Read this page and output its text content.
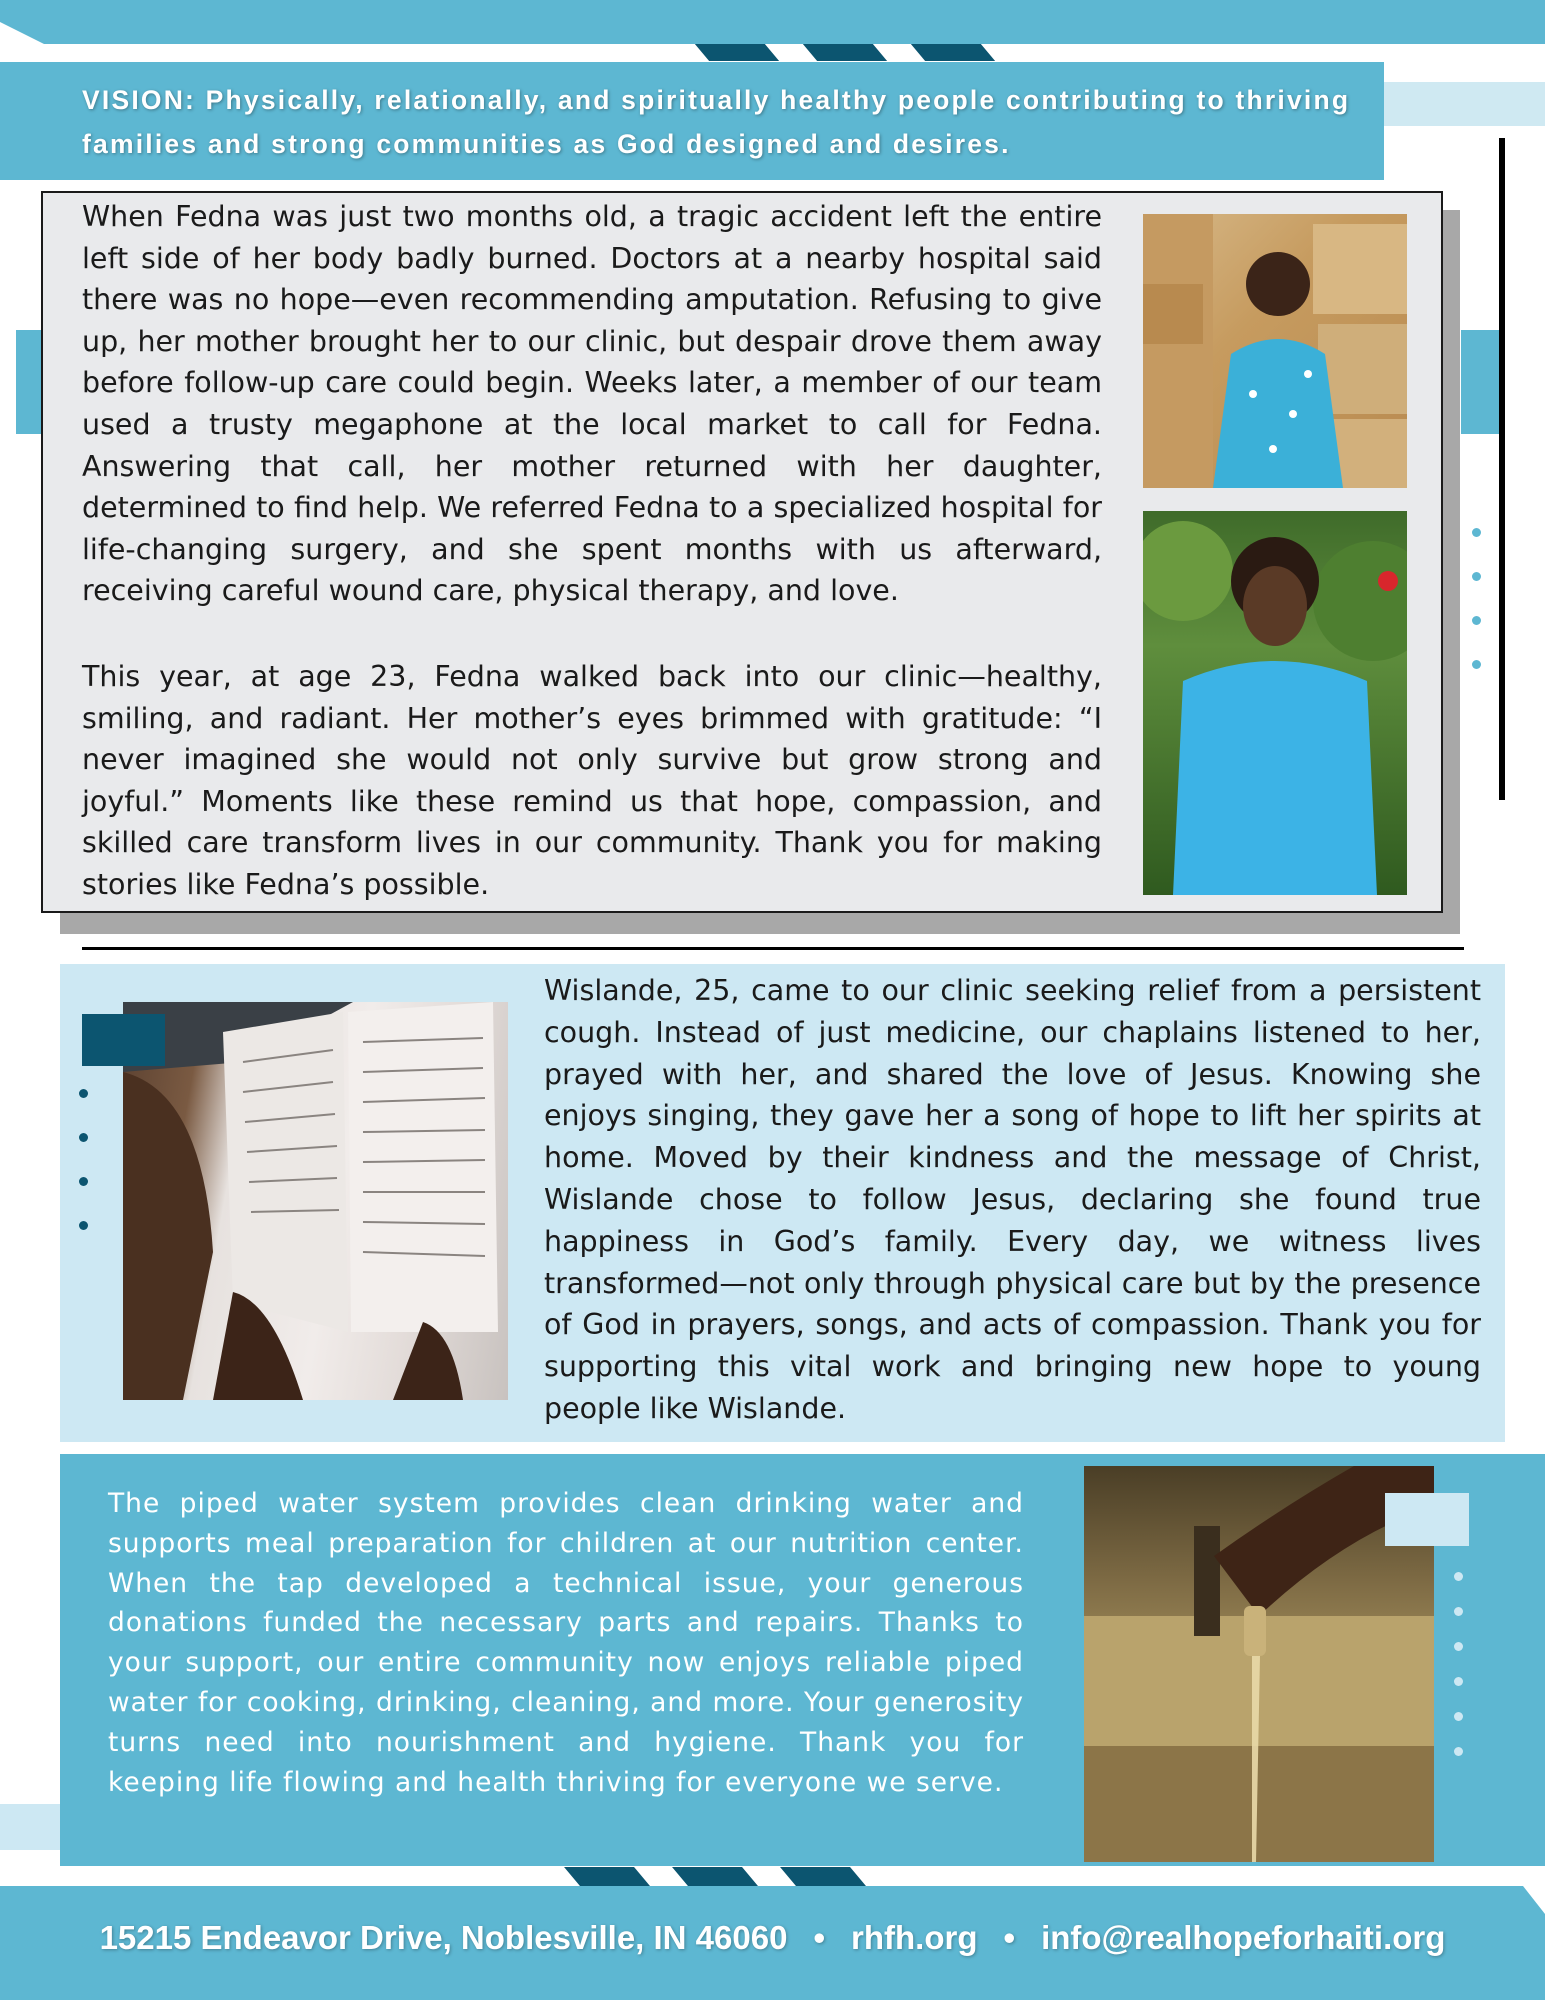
VISION: Physically, relationally, and spiritually healthy people contributing to thriving families and strong communities as God designed and desires.
When Fedna was just two months old, a tragic accident left the entire left side of her body badly burned. Doctors at a nearby hospital said there was no hope—even recommending amputation. Refusing to give up, her mother brought her to our clinic, but despair drove them away before follow-up care could begin. Weeks later, a member of our team used a trusty megaphone at the local market to call for Fedna. Answering that call, her mother returned with her daughter, determined to find help. We referred Fedna to a specialized hospital for life-changing surgery, and she spent months with us afterward, receiving careful wound care, physical therapy, and love.
This year, at age 23, Fedna walked back into our clinic—healthy, smiling, and radiant. Her mother’s eyes brimmed with gratitude: “I never imagined she would not only survive but grow strong and joyful.” Moments like these remind us that hope, compassion, and skilled care transform lives in our community. Thank you for making stories like Fedna’s possible.
Wislande, 25, came to our clinic seeking relief from a persistent cough. Instead of just medicine, our chaplains listened to her, prayed with her, and shared the love of Jesus. Knowing she enjoys singing, they gave her a song of hope to lift her spirits at home. Moved by their kindness and the message of Christ, Wislande chose to follow Jesus, declaring she found true happiness in God’s family. Every day, we witness lives transformed—not only through physical care but by the presence of God in prayers, songs, and acts of compassion. Thank you for supporting this vital work and bringing new hope to young people like Wislande.
The piped water system provides clean drinking water and supports meal preparation for children at our nutrition center. When the tap developed a technical issue, your generous donations funded the necessary parts and repairs. Thanks to your support, our entire community now enjoys reliable piped water for cooking, drinking, cleaning, and more. Your generosity turns need into nourishment and hygiene. Thank you for keeping life flowing and health thriving for everyone we serve.
15215 Endeavor Drive, Noblesville, IN 46060 • rhfh.org • info@realhopeforhaiti.org
